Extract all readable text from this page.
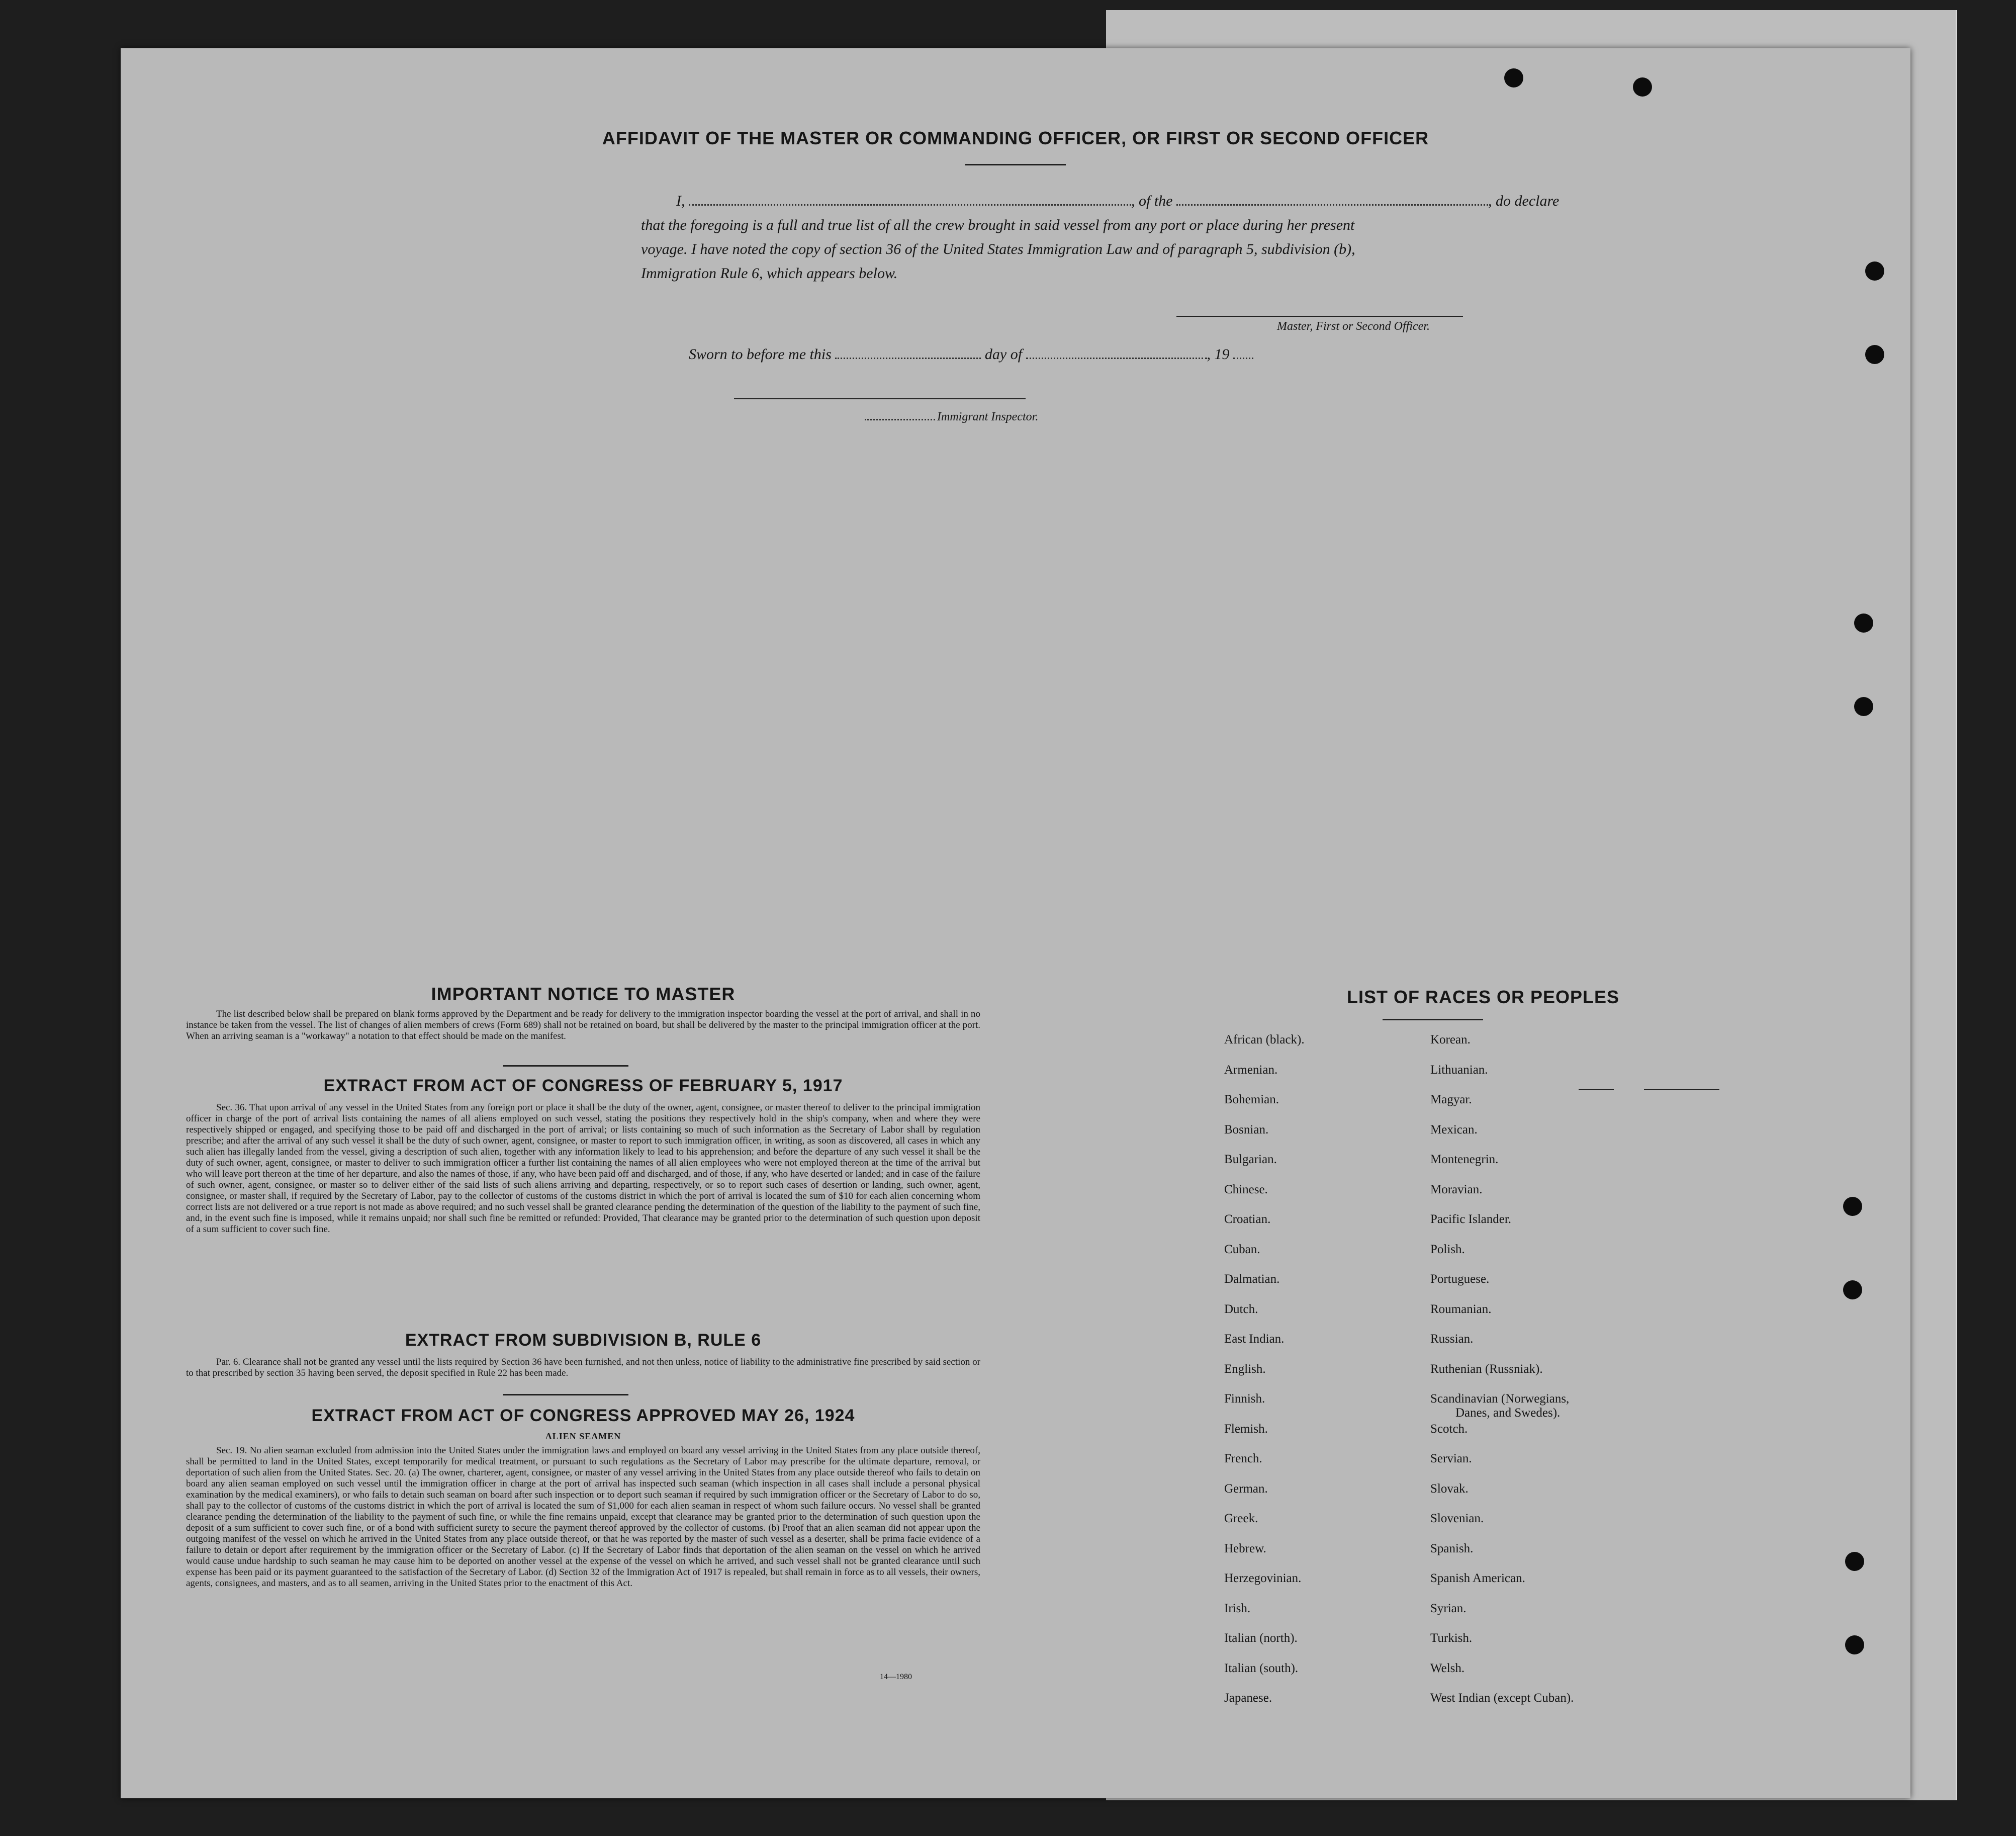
AFFIDAVIT OF THE MASTER OR COMMANDING OFFICER, OR FIRST OR SECOND OFFICER
I,	, of the	, do declare
that the foregoing is a full and true list of all the crew brought in said vessel from any port or place during her present
voyage. I have noted the copy of section 36 of the United States Immigration Law and of paragraph 5, subdivision (b),
Immigration Rule 6, which appears below.
Master, First or Second Officer.
Sworn to before me this	day of	, 19
Immigrant Inspector.
IMPORTANT NOTICE TO MASTER
The list described below shall be prepared on blank forms approved by the Department and be ready for delivery to the immigration inspector boarding the vessel at the port of arrival, and shall in no instance be taken from the vessel. The list of changes of alien members of crews (Form 689) shall not be retained on board, but shall be delivered by the master to the principal immigration officer at the port. When an arriving seaman is a "workaway" a notation to that effect should be made on the manifest.
EXTRACT FROM ACT OF CONGRESS OF FEBRUARY 5, 1917
Sec. 36. That upon arrival of any vessel in the United States from any foreign port or place it shall be the duty of the owner, agent, consignee, or master thereof to deliver to the principal immigration officer in charge of the port of arrival lists containing the names of all aliens employed on such vessel, stating the positions they respectively hold in the ship's company, when and where they were respectively shipped or engaged, and specifying those to be paid off and discharged in the port of arrival; or lists containing so much of such information as the Secretary of Labor shall by regulation prescribe; and after the arrival of any such vessel it shall be the duty of such owner, agent, consignee, or master to report to such immigration officer, in writing, as soon as discovered, all cases in which any such alien has illegally landed from the vessel, giving a description of such alien, together with any information likely to lead to his apprehension; and before the departure of any such vessel it shall be the duty of such owner, agent, consignee, or master to deliver to such immigration officer a further list containing the names of all alien employees who were not employed thereon at the time of the arrival but who will leave port thereon at the time of her departure, and also the names of those, if any, who have been paid off and discharged, and of those, if any, who have deserted or landed; and in case of the failure of such owner, agent, consignee, or master so to deliver either of the said lists of such aliens arriving and departing, respectively, or so to report such cases of desertion or landing, such owner, agent, consignee, or master shall, if required by the Secretary of Labor, pay to the collector of customs of the customs district in which the port of arrival is located the sum of $10 for each alien concerning whom correct lists are not delivered or a true report is not made as above required; and no such vessel shall be granted clearance pending the determination of the question of the liability to the payment of such fine, and, in the event such fine is imposed, while it remains unpaid; nor shall such fine be remitted or refunded: Provided, That clearance may be granted prior to the determination of such question upon deposit of a sum sufficient to cover such fine.
EXTRACT FROM SUBDIVISION B, RULE 6
Par. 6. Clearance shall not be granted any vessel until the lists required by Section 36 have been furnished, and not then unless, notice of liability to the administrative fine prescribed by said section or to that prescribed by section 35 having been served, the deposit specified in Rule 22 has been made.
EXTRACT FROM ACT OF CONGRESS APPROVED MAY 26, 1924
ALIEN SEAMEN
Sec. 19. No alien seaman excluded from admission into the United States under the immigration laws and employed on board any vessel arriving in the United States from any place outside thereof, shall be permitted to land in the United States, except temporarily for medical treatment, or pursuant to such regulations as the Secretary of Labor may prescribe for the ultimate departure, removal, or deportation of such alien from the United States. Sec. 20. (a) The owner, charterer, agent, consignee, or master of any vessel arriving in the United States from any place outside thereof who fails to detain on board any alien seaman employed on such vessel until the immigration officer in charge at the port of arrival has inspected such seaman (which inspection in all cases shall include a personal physical examination by the medical examiners), or who fails to detain such seaman on board after such inspection or to deport such seaman if required by such immigration officer or the Secretary of Labor to do so, shall pay to the collector of customs of the customs district in which the port of arrival is located the sum of $1,000 for each alien seaman in respect of whom such failure occurs. No vessel shall be granted clearance pending the determination of the liability to the payment of such fine, or while the fine remains unpaid, except that clearance may be granted prior to the determination of such question upon the deposit of a sum sufficient to cover such fine, or of a bond with sufficient surety to secure the payment thereof approved by the collector of customs. (b) Proof that an alien seaman did not appear upon the outgoing manifest of the vessel on which he arrived in the United States from any place outside thereof, or that he was reported by the master of such vessel as a deserter, shall be prima facie evidence of a failure to detain or deport after requirement by the immigration officer or the Secretary of Labor. (c) If the Secretary of Labor finds that deportation of the alien seaman on the vessel on which he arrived would cause undue hardship to such seaman he may cause him to be deported on another vessel at the expense of the vessel on which he arrived, and such vessel shall not be granted clearance until such expense has been paid or its payment guaranteed to the satisfaction of the Secretary of Labor. (d) Section 32 of the Immigration Act of 1917 is repealed, but shall remain in force as to all vessels, their owners, agents, consignees, and masters, and as to all seamen, arriving in the United States prior to the enactment of this Act.
14—1980
LIST OF RACES OR PEOPLES
African (black).
Armenian.
Bohemian.
Bosnian.
Bulgarian.
Chinese.
Croatian.
Cuban.
Dalmatian.
Dutch.
East Indian.
English.
Finnish.
Flemish.
French.
German.
Greek.
Hebrew.
Herzegovinian.
Irish.
Italian (north).
Italian (south).
Japanese.
Korean.
Lithuanian.
Magyar.
Mexican.
Montenegrin.
Moravian.
Pacific Islander.
Polish.
Portuguese.
Roumanian.
Russian.
Ruthenian (Russniak).
Scandinavian (Norwegians,
Danes, and Swedes).
Scotch.
Servian.
Slovak.
Slovenian.
Spanish.
Spanish American.
Syrian.
Turkish.
Welsh.
West Indian (except Cuban).
